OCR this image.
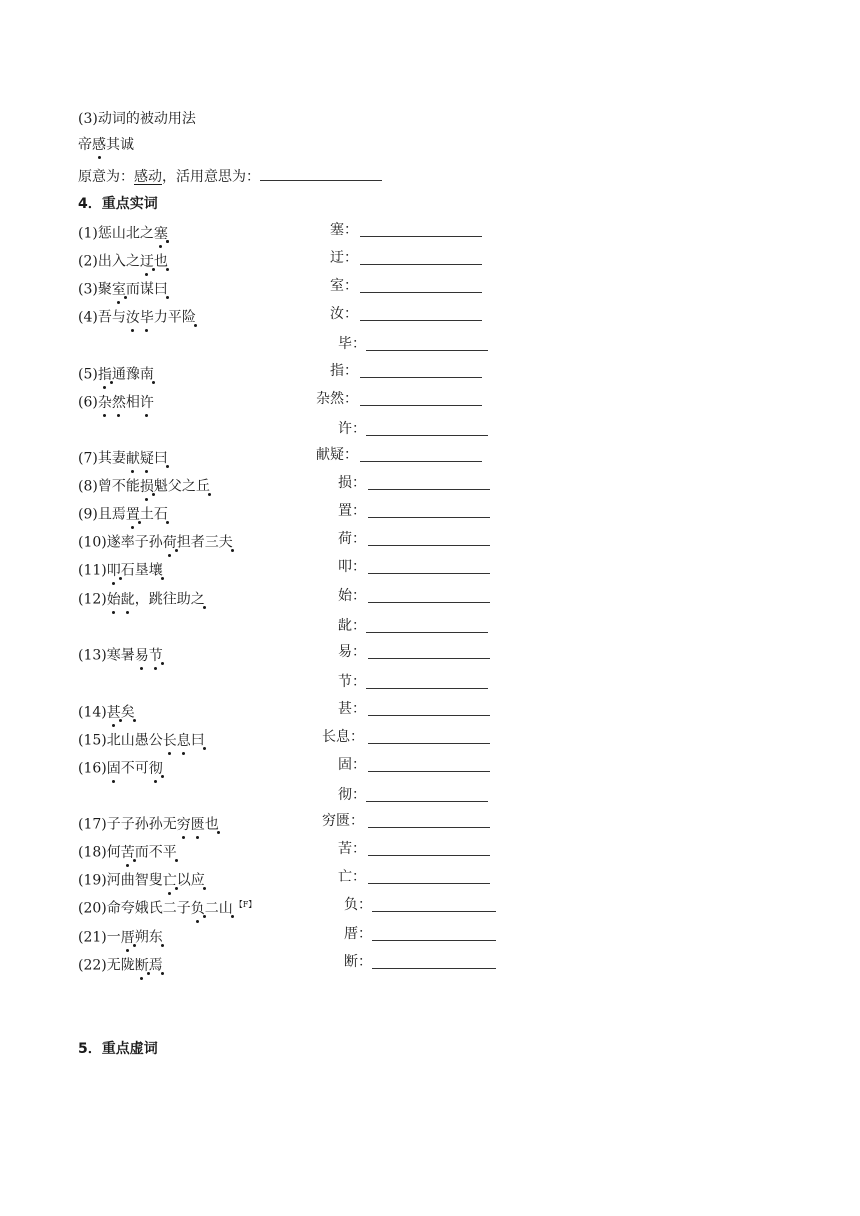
(3)动词的被动用法
帝感其诚
原意为：感动，活用意思为：
4．重点实词
(1)惩山北之塞	塞：
(2)出入之迂也	迂：
(3)聚室而谋曰	室：
(4)吾与汝毕力平险	汝：
毕：
(5)指通豫南	指：
(6)杂然相许	杂然：
许：
(7)其妻献疑曰	献疑：
(8)曾不能损魁父之丘	损：
(9)且焉置土石	置：
(10)遂率子孙荷担者三夫	荷：
(11)叩石垦壤	叩：
(12)始龀，跳往助之	始：
龀：
(13)寒暑易节	易：
节：
(14)甚矣	甚：
(15)北山愚公长息曰	长息：
(16)固不可彻	固：
彻：
(17)子子孙孙无穷匮也	穷匮：
(18)何苦而不平	苦：
(19)河曲智叟亡以应	亡：
(20)命夸娥氏二子负二山 $^{【F】}$	负：
(21)一厝朔东	厝：
(22)无陇断焉	断：
5．重点虚词
